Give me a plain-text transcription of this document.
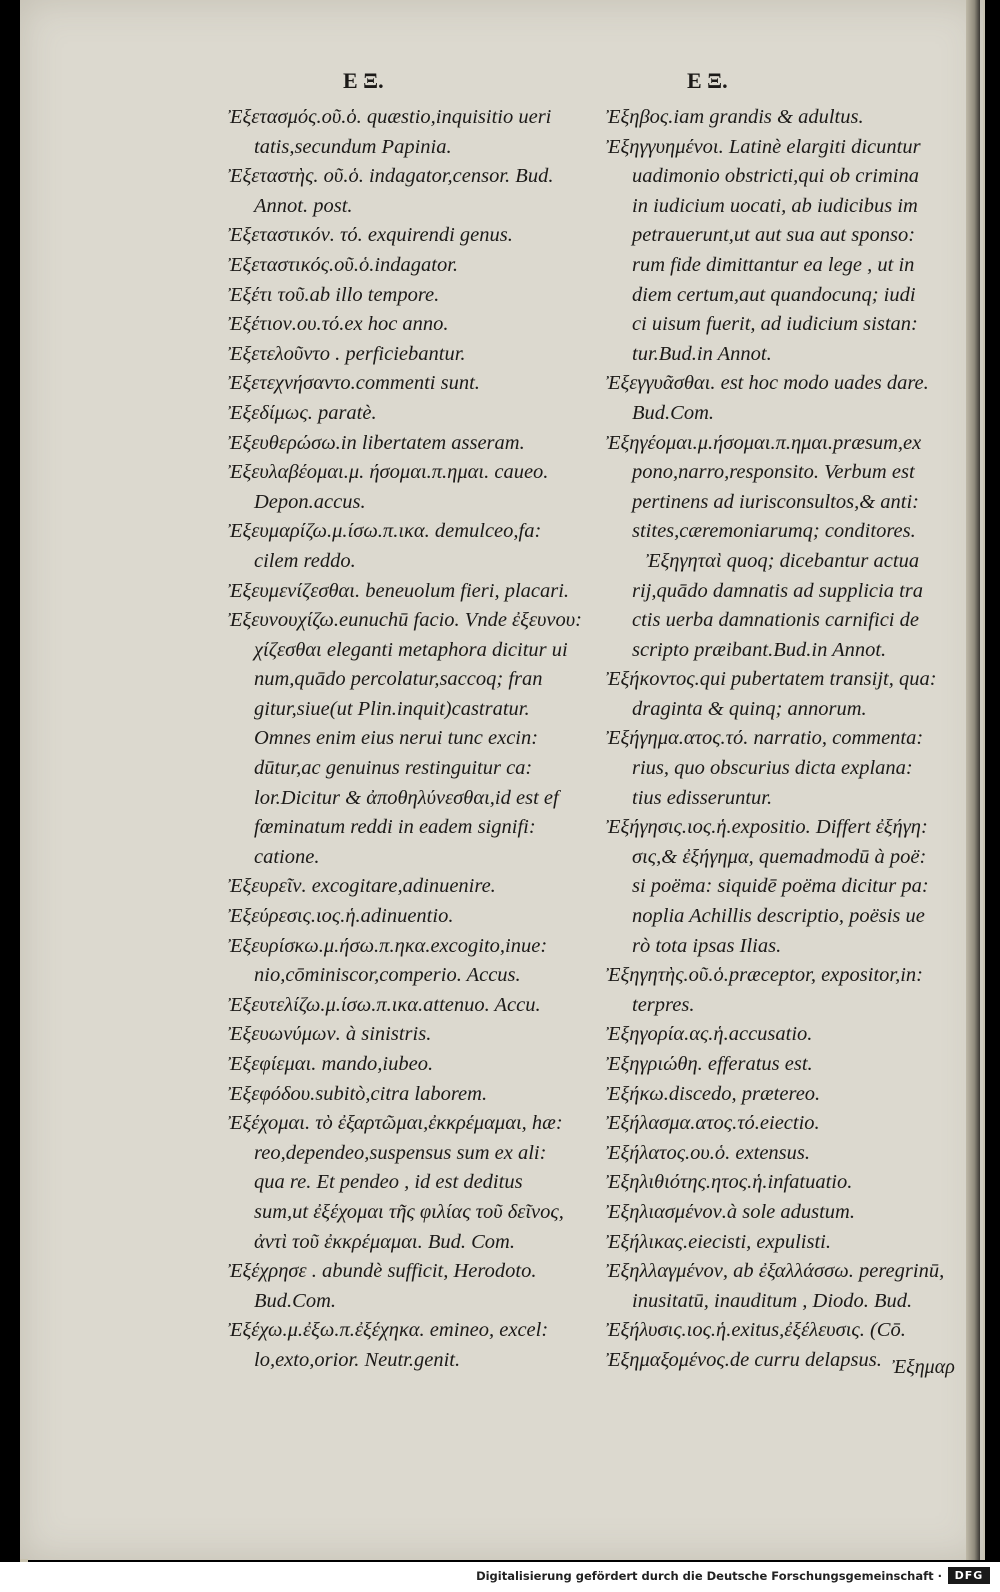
E Ξ.	E Ξ.
Ἐξετασμός.οῦ.ὁ. quæstio,inquisitio ueri
tatis,secundum Papinia.
Ἐξεταστὴς. οῦ.ὁ. indagator,censor. Bud.
Annot. post.
Ἐξεταστικόν. τό. exquirendi genus.
Ἐξεταστικός.οῦ.ὁ.indagator.
Ἐξέτι τοῦ.ab illo tempore.
Ἐξέτιον.ου.τό.ex hoc anno.
Ἐξετελοῦντο . perficiebantur.
Ἐξετεχνήσαντο.commenti sunt.
Ἐξεδίμως. paratè.
Ἐξευθερώσω.in libertatem asseram.
Ἐξευλαβέομαι.μ. ήσομαι.π.ημαι. caueo.
Depon.accus.
Ἐξευμαρίζω.μ.ίσω.π.ικα. demulceo,fa:
cilem reddo.
Ἐξευμενίζεσθαι. beneuolum fieri, placari.
Ἐξευνουχίζω.eunuchū facio. Vnde ἐξευνου:
χίζεσθαι eleganti metaphora dicitur ui
num,quādo percolatur,saccoq; fran
gitur,siue(ut Plin.inquit)castratur.
Omnes enim eius nerui tunc excin:
dūtur,ac genuinus restinguitur ca:
lor.Dicitur & ἀποθηλύνεσθαι,id est ef
fœminatum reddi in eadem signifi:
catione.
Ἐξευρεῖν. excogitare,adinuenire.
Ἐξεύρεσις.ιος.ἡ.adinuentio.
Ἐξευρίσκω.μ.ήσω.π.ηκα.excogito,inue:
nio,cōminiscor,comperio. Accus.
Ἐξευτελίζω.μ.ίσω.π.ικα.attenuo. Accu.
Ἐξευωνύμων. à sinistris.
Ἐξεφίεμαι. mando,iubeo.
Ἐξεφόδου.subitò,citra laborem.
Ἐξέχομαι. τὸ ἐξαρτῶμαι,ἐκκρέμαμαι, hæ:
reo,dependeo,suspensus sum ex ali:
qua re. Et pendeo , id est deditus
sum,ut ἐξέχομαι τῆς φιλίας τοῦ δεῖνος,
ἀντὶ τοῦ ἐκκρέμαμαι. Bud. Com.
Ἐξέχρησε . abundè sufficit, Herodoto.
Bud.Com.
Ἐξέχω.μ.ἐξω.π.ἐξέχηκα. emineo, excel:
lo,exto,orior. Neutr.genit.
Ἐξηβος.iam grandis & adultus.
Ἐξηγγυημένοι. Latinè elargiti dicuntur
uadimonio obstricti,qui ob crimina
in iudicium uocati, ab iudicibus im
petrauerunt,ut aut sua aut sponso:
rum fide dimittantur ea lege , ut in
diem certum,aut quandocunq; iudi
ci uisum fuerit, ad iudicium sistan:
tur.Bud.in Annot.
Ἐξεγγυᾶσθαι. est hoc modo uades dare.
Bud.Com.
Ἐξηγέομαι.μ.ήσομαι.π.ημαι.præsum,ex
pono,narro,responsito. Verbum est
pertinens ad iurisconsultos,& anti:
stites,cæremoniarumq; conditores.
Ἐξηγηταὶ quoq; dicebantur actua
rij,quādo damnatis ad supplicia tra
ctis uerba damnationis carnifici de
scripto præibant.Bud.in Annot.
Ἐξήκοντος.qui pubertatem transijt, qua:
draginta & quinq; annorum.
Ἐξήγημα.ατος.τό. narratio, commenta:
rius, quo obscurius dicta explana:
tius edisseruntur.
Ἐξήγησις.ιος.ἡ.expositio. Differt ἐξήγη:
σις,& ἐξήγημα, quemadmodū à poë:
si poëma: siquidē poëma dicitur pa:
noplia Achillis descriptio, poësis ue
rò tota ipsas Ilias.
Ἐξηγητὴς.οῦ.ὁ.præceptor, expositor,in:
terpres.
Ἐξηγορία.ας.ἡ.accusatio.
Ἐξηγριώθη. efferatus est.
Ἐξήκω.discedo, prætereo.
Ἐξήλασμα.ατος.τό.eiectio.
Ἐξήλατος.ου.ὁ. extensus.
Ἐξηλιθιότης.ητος.ἡ.infatuatio.
Ἐξηλιασμένον.à sole adustum.
Ἐξήλικας.eiecisti, expulisti.
Ἐξηλλαγμένον, ab ἐξαλλάσσω. peregrinū,
inusitatū, inauditum , Diodo. Bud.
Ἐξήλυσις.ιος.ἡ.exitus,ἐξέλευσις. (Cō.
Ἐξημαξομένος.de curru delapsus. Ἐξημαρ
Digitalisierung gefördert durch die Deutsche Forschungsgemeinschaft ·	DFG
